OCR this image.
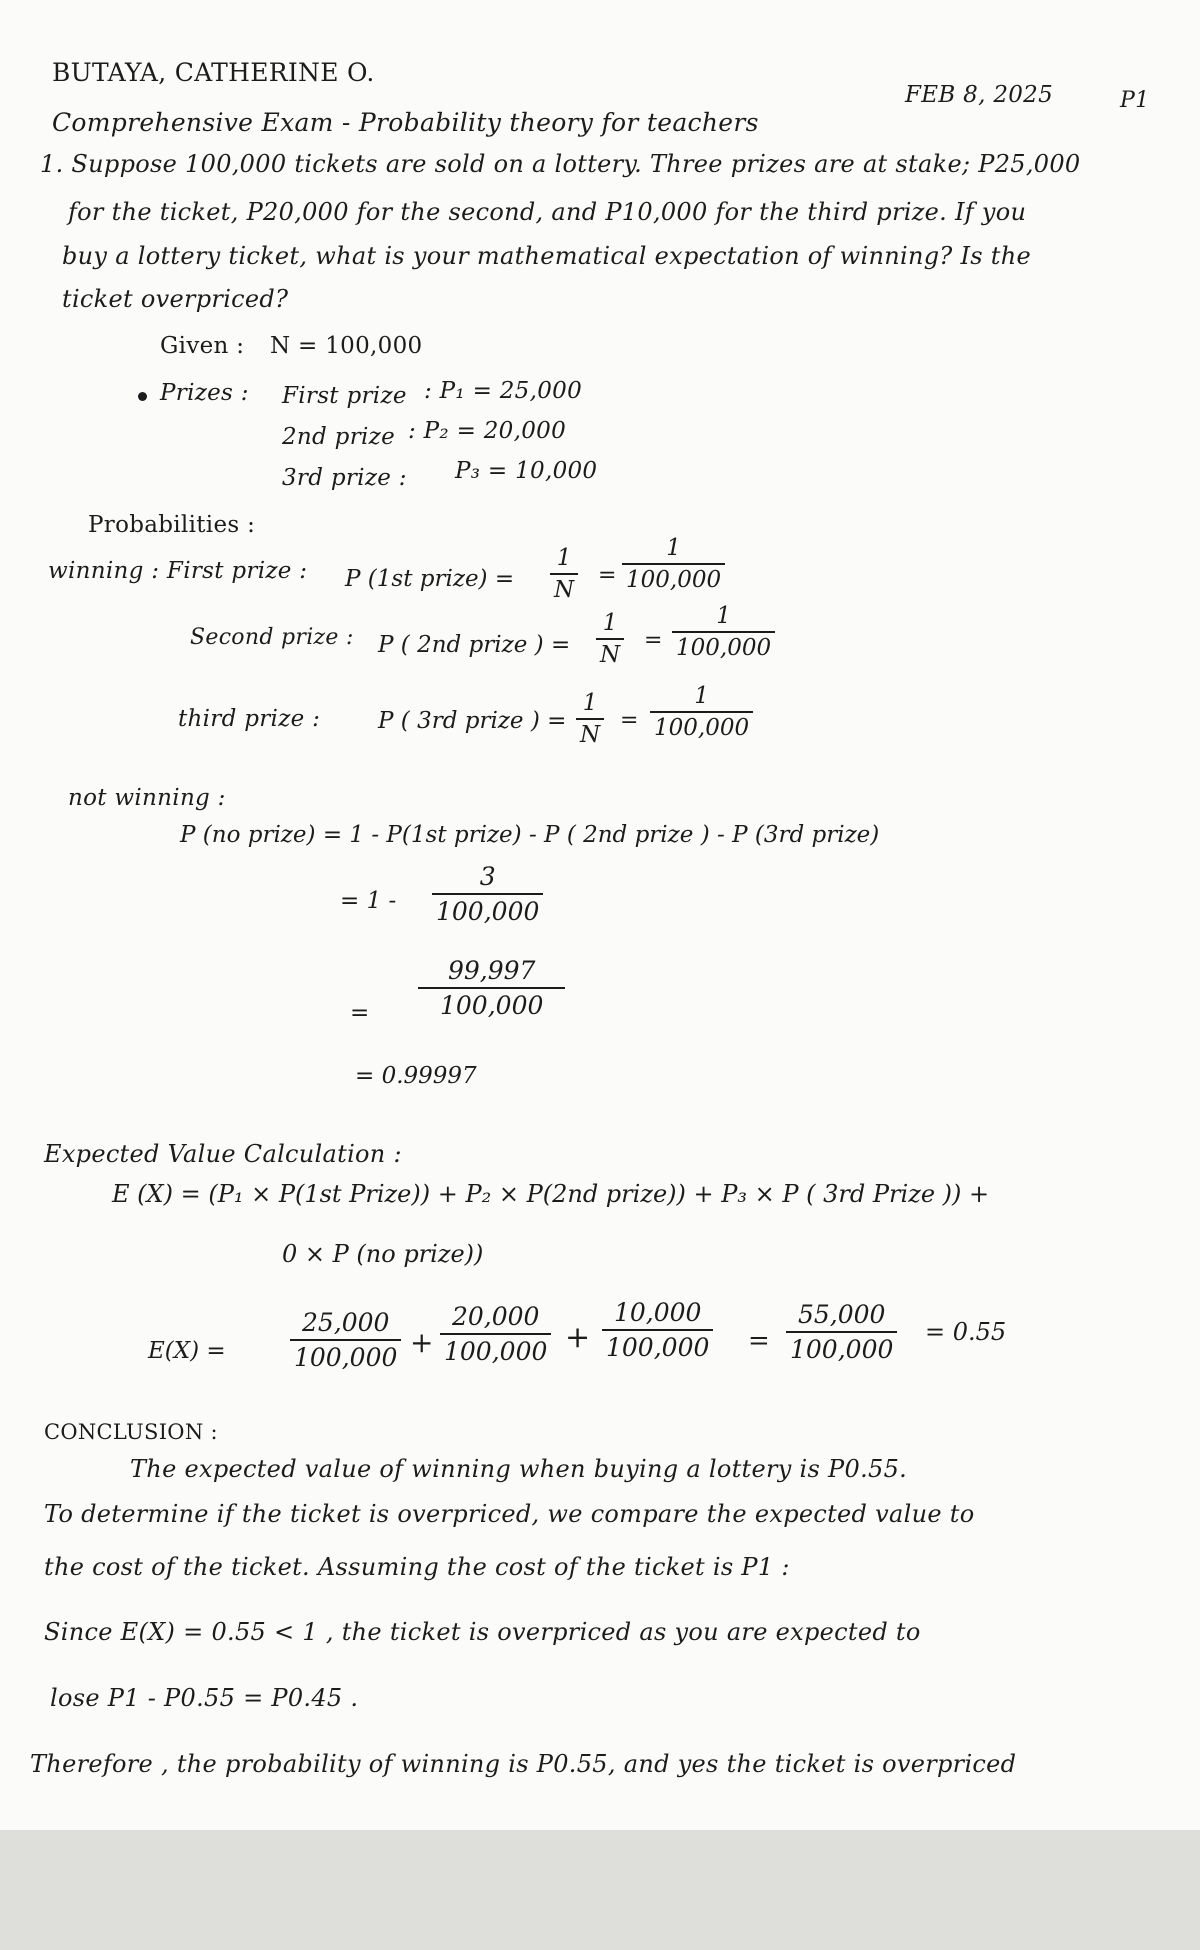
BUTAYA, CATHERINE O.
FEB 8, 2025	P1
Comprehensive Exam - Probability theory for teachers
1. Suppose 100,000 tickets are sold on a lottery. Three prizes are at stake; P25,000
for the ticket, P20,000 for the second, and P10,000 for the third prize. If you
buy a lottery ticket, what is your mathematical expectation of winning? Is the
ticket overpriced?
Given : N = 100,000
Prizes : First prize : P₁ = 25,000
2nd prize : P₂ = 20,000
3rd prize : P₃ = 10,000
Probabilities :
winning : First prize : P (1st prize) = $\frac{1}{N} = \frac{1}{100,000}$
Second prize : P ( 2nd prize ) = $\frac{1}{N} = \frac{1}{100,000}$
third prize :	P ( 3rd prize ) = $\frac{1}{N} = \frac{1}{100,000}$
not winning :
P (no prize) = 1 - P(1st prize) - P ( 2nd prize ) - P (3rd prize)
= $1 - \frac{3}{100,000}$
= $\frac{99,997}{100,000}$
= 0.99997
Expected Value Calculation :
E (X) = (P₁ × P(1st Prize)) + P₂ × P(2nd prize)) + P₃ × P ( 3rd Prize )) +
0 × P (no prize))
E(X) =	$\frac{25,000}{100,000} + \frac{20,000}{100,000} + \frac{10,000}{100,000} = \frac{55,000}{100,000} = 0.55$
CONCLUSION :
The expected value of winning when buying a lottery is P0.55.
To determine if the ticket is overpriced, we compare the expected value to
the cost of the ticket. Assuming the cost of the ticket is P1 :
Since E(X) = 0.55 < 1 , the ticket is overpriced as you are expected to
lose P1 - P0.55 = P0.45 .
Therefore , the probability of winning is P0.55, and yes the ticket is overpriced
